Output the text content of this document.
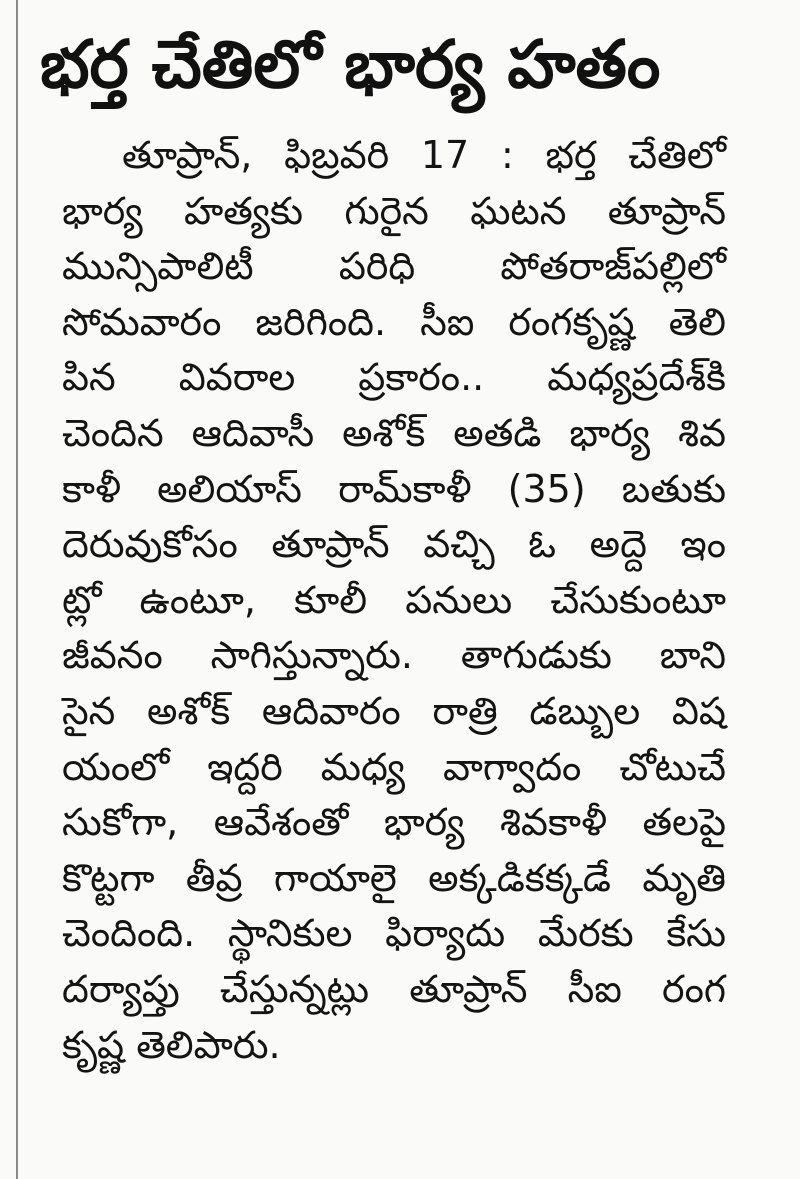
భర్త చేతిలో భార్య హతం
తూప్రాన్, ఫిబ్రవరి 17 : భర్త చేతిలో
భార్య హత్యకు గురైన ఘటన తూప్రాన్
మున్సిపాలిటీ పరిధి పోతరాజ్‌పల్లిలో
సోమవారం జరిగింది. సీఐ రంగకృష్ణ తెలి
పిన వివరాల ప్రకారం.. మధ్యప్రదేశ్‌కి
చెందిన ఆదివాసీ అశోక్ అతడి భార్య శివ
కాళీ అలియాస్ రామ్‌కాళీ (35) బతుకు
దెరువుకోసం తూప్రాన్ వచ్చి ఓ అద్దె ఇం
ట్లో ఉంటూ, కూలీ పనులు చేసుకుంటూ
జీవనం సాగిస్తున్నారు. తాగుడుకు బాని
సైన అశోక్ ఆదివారం రాత్రి డబ్బుల విష
యంలో ఇద్దరి మధ్య వాగ్వాదం చోటుచే
సుకోగా, ఆవేశంతో భార్య శివకాళీ తలపై
కొట్టగా తీవ్ర గాయాలై అక్కడికక్కడే మృతి
చెందింది. స్థానికుల ఫిర్యాదు మేరకు కేసు
దర్యాప్తు చేస్తున్నట్లు తూప్రాన్ సీఐ రంగ
కృష్ణ తెలిపారు.
